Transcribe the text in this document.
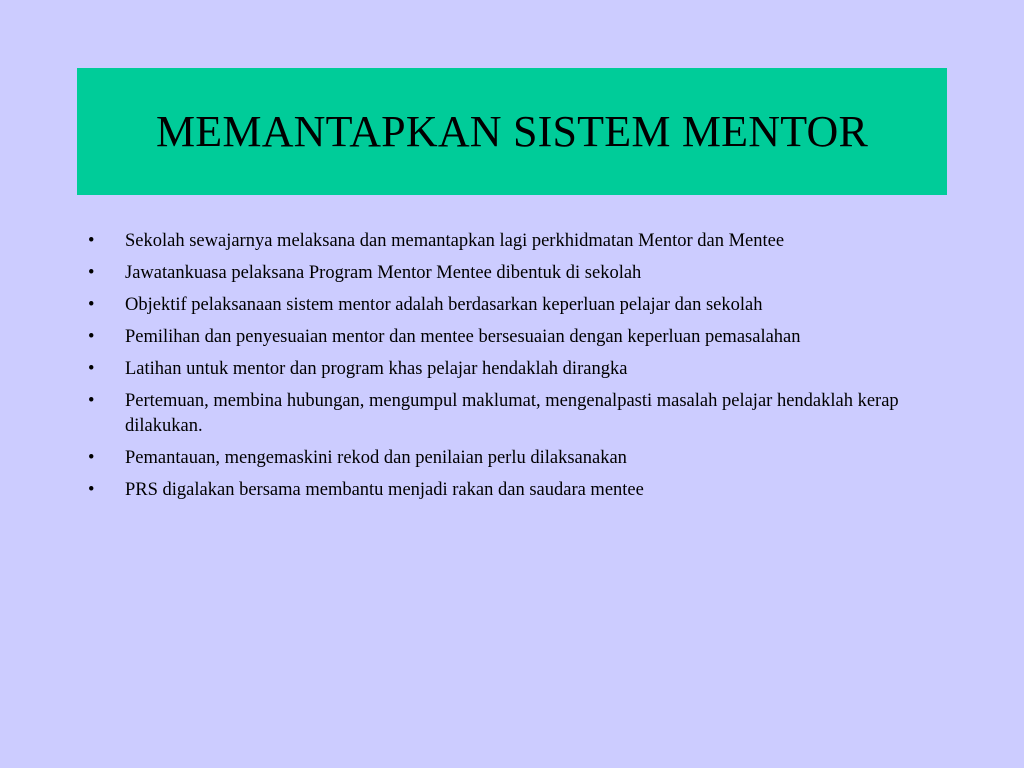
MEMANTAPKAN SISTEM MENTOR
•	Sekolah sewajarnya melaksana dan memantapkan lagi perkhidmatan Mentor dan Mentee
•	Jawatankuasa pelaksana Program Mentor Mentee dibentuk di sekolah
•	Objektif pelaksanaan sistem mentor adalah berdasarkan keperluan pelajar dan sekolah
•	Pemilihan dan penyesuaian mentor dan mentee bersesuaian dengan keperluan pemasalahan
•	Latihan untuk mentor dan program khas pelajar hendaklah dirangka
•	Pertemuan, membina hubungan, mengumpul maklumat, mengenalpasti masalah pelajar hendaklah kerap dilakukan.
•	Pemantauan, mengemaskini rekod dan penilaian perlu dilaksanakan
•	PRS digalakan bersama membantu menjadi rakan dan saudara mentee
